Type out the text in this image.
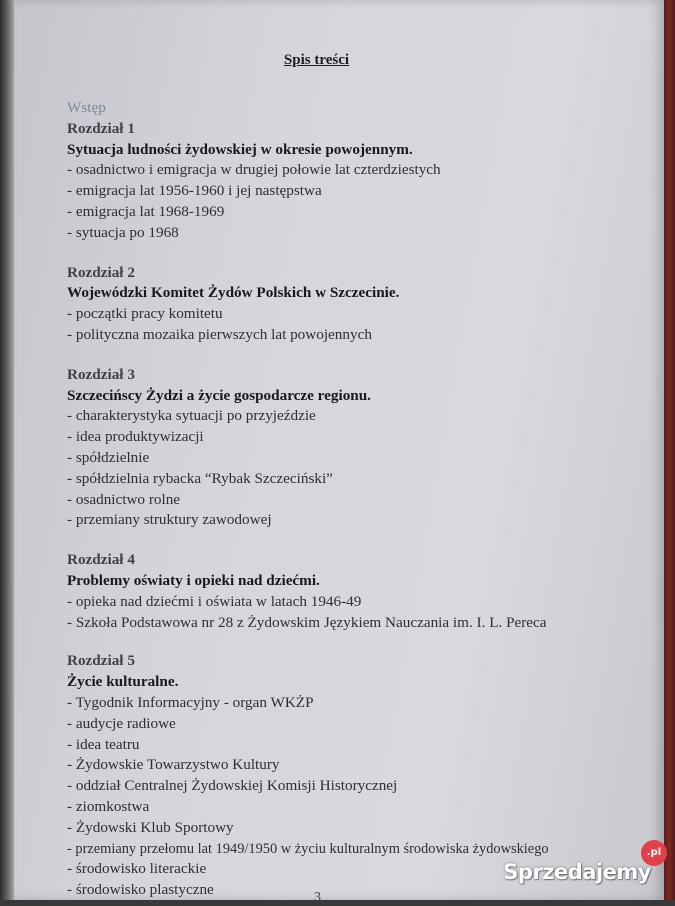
Spis treści
Wstęp
Rozdział 1
Sytuacja ludności żydowskiej w okresie powojennym.
- osadnictwo i emigracja w drugiej połowie lat czterdziestych
- emigracja lat 1956-1960 i jej następstwa
- emigracja lat 1968-1969
- sytuacja po 1968
Rozdział 2
Wojewódzki Komitet Żydów Polskich w Szczecinie.
- początki pracy komitetu
- polityczna mozaika pierwszych lat powojennych
Rozdział 3
Szczecińscy Żydzi a życie gospodarcze regionu.
- charakterystyka sytuacji po przyjeździe
- idea produktywizacji
- spółdzielnie
- spółdzielnia rybacka “Rybak Szczeciński”
- osadnictwo rolne
- przemiany struktury zawodowej
Rozdział 4
Problemy oświaty i opieki nad dziećmi.
- opieka nad dziećmi i oświata w latach 1946-49
- Szkoła Podstawowa nr 28 z Żydowskim Językiem Nauczania im. I. L. Pereca
Rozdział 5
Życie kulturalne.
- Tygodnik Informacyjny - organ WKŻP
- audycje radiowe
- idea teatru
- Żydowskie Towarzystwo Kultury
- oddział Centralnej Żydowskiej Komisji Historycznej
- ziomkostwa
- Żydowski Klub Sportowy
- przemiany przełomu lat 1949/1950 w życiu kulturalnym środowiska żydowskiego
- środowisko literackie
- środowisko plastyczne	3
.pl
Sprzedajemy
